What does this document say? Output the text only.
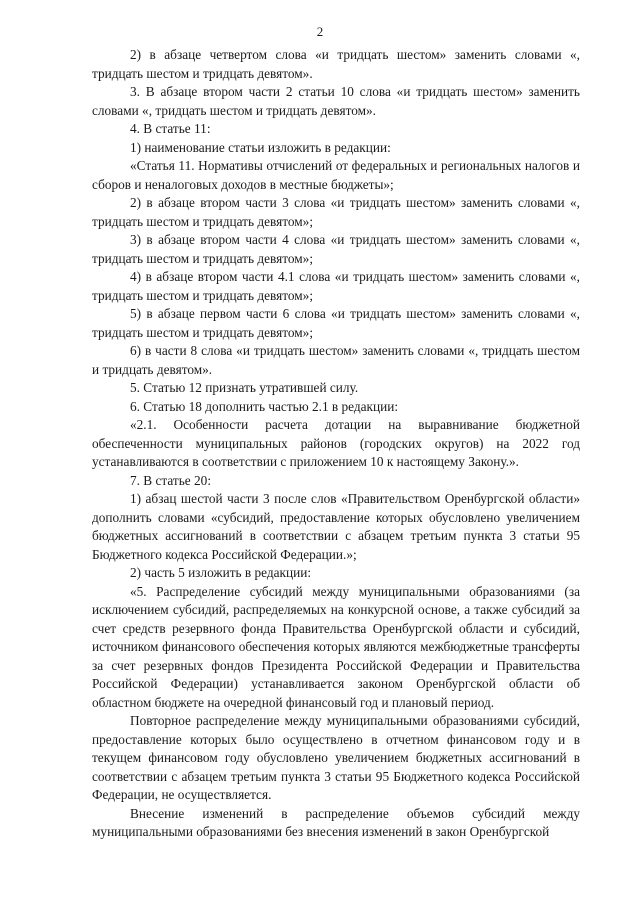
2

2) в абзаце четвертом слова «и тридцать шестом» заменить словами «, тридцать шестом и тридцать девятом».

3. В абзаце втором части 2 статьи 10 слова «и тридцать шестом» заменить словами «, тридцать шестом и тридцать девятом».

4. В статье 11:

1) наименование статьи изложить в редакции:

«Статья 11. Нормативы отчислений от федеральных и региональных налогов и сборов и неналоговых доходов в местные бюджеты»;

2) в абзаце втором части 3 слова «и тридцать шестом» заменить словами «, тридцать шестом и тридцать девятом»;

3) в абзаце втором части 4 слова «и тридцать шестом» заменить словами «, тридцать шестом и тридцать девятом»;

4) в абзаце втором части 4.1 слова «и тридцать шестом» заменить словами «, тридцать шестом и тридцать девятом»;

5) в абзаце первом части 6 слова «и тридцать шестом» заменить словами «, тридцать шестом и тридцать девятом»;

6) в части 8 слова «и тридцать шестом» заменить словами «, тридцать шестом и тридцать девятом».

5. Статью 12 признать утратившей силу.

6. Статью 18 дополнить частью 2.1 в редакции:

«2.1. Особенности расчета дотации на выравнивание бюджетной обеспеченности муниципальных районов (городских округов) на 2022 год устанавливаются в соответствии с приложением 10 к настоящему Закону.».

7. В статье 20:

1) абзац шестой части 3 после слов «Правительством Оренбургской области» дополнить словами «субсидий, предоставление которых обусловлено увеличением бюджетных ассигнований в соответствии с абзацем третьим пункта 3 статьи 95 Бюджетного кодекса Российской Федерации.»;

2) часть 5 изложить в редакции:

«5. Распределение субсидий между муниципальными образованиями (за исключением субсидий, распределяемых на конкурсной основе, а также субсидий за счет средств резервного фонда Правительства Оренбургской области и субсидий, источником финансового обеспечения которых являются межбюджетные трансферты за счет резервных фондов Президента Российской Федерации и Правительства Российской Федерации) устанавливается законом Оренбургской области об областном бюджете на очередной финансовый год и плановый период.

Повторное распределение между муниципальными образованиями субсидий, предоставление которых было осуществлено в отчетном финансовом году и в текущем финансовом году обусловлено увеличением бюджетных ассигнований в соответствии с абзацем третьим пункта 3 статьи 95 Бюджетного кодекса Российской Федерации, не осуществляется.

Внесение изменений в распределение объемов субсидий между муниципальными образованиями без внесения изменений в закон Оренбургской
